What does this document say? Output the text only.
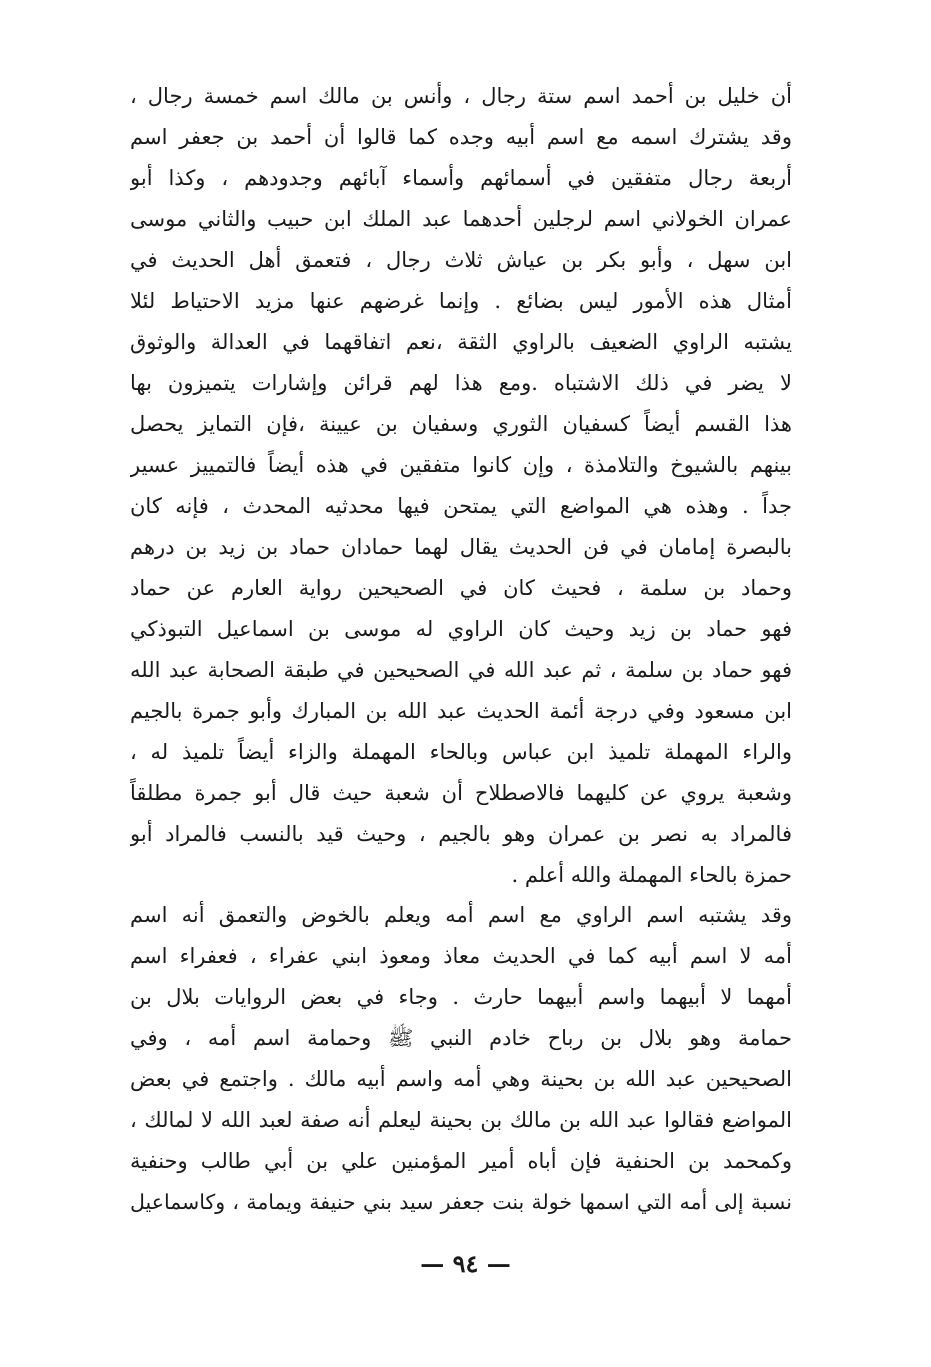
أن خليل بن أحمد اسم ستة رجال ، وأنس بن مالك اسم خمسة رجال ،
وقد يشترك اسمه مع اسم أبيه وجده كما قالوا أن أحمد بن جعفر اسم
أربعة رجال متفقين في أسمائهم وأسماء آبائهم وجدودهم ، وكذا أبو
عمران الخولاني اسم لرجلين أحدهما عبد الملك ابن حبيب والثاني موسى
ابن سهل ، وأبو بكر بن عياش ثلاث رجال ، فتعمق أهل الحديث في
أمثال هذه الأمور ليس بضائع . وإنما غرضهم عنها مزيد الاحتياط لئلا
يشتبه الراوي الضعيف بالراوي الثقة ،نعم اتفاقهما في العدالة والوثوق
لا يضر في ذلك الاشتباه .ومع هذا لهم قرائن وإشارات يتميزون بها
هذا القسم أيضاً كسفيان الثوري وسفيان بن عيينة ،فإن التمايز يحصل
بينهم بالشيوخ والتلامذة ، وإن كانوا متفقين في هذه أيضاً فالتمييز عسير
جداً . وهذه هي المواضع التي يمتحن فيها محدثيه المحدث ، فإنه كان
بالبصرة إمامان في فن الحديث يقال لهما حمادان حماد بن زيد بن درهم
وحماد بن سلمة ، فحيث كان في الصحيحين رواية العارم عن حماد
فهو حماد بن زيد وحيث كان الراوي له موسى بن اسماعيل التبوذكي
فهو حماد بن سلمة ، ثم عبد الله في الصحيحين في طبقة الصحابة عبد الله
ابن مسعود وفي درجة أئمة الحديث عبد الله بن المبارك وأبو جمرة بالجيم
والراء المهملة تلميذ ابن عباس وبالحاء المهملة والزاء أيضاً تلميذ له ،
وشعبة يروي عن كليهما فالاصطلاح أن شعبة حيث قال أبو جمرة مطلقاً
فالمراد به نصر بن عمران وهو بالجيم ، وحيث قيد بالنسب فالمراد أبو
حمزة بالحاء المهملة والله أعلم .
وقد يشتبه اسم الراوي مع اسم أمه ويعلم بالخوض والتعمق أنه اسم
أمه لا اسم أبيه كما في الحديث معاذ ومعوذ ابني عفراء ، فعفراء اسم
أمهما لا أبيهما واسم أبيهما حارث . وجاء في بعض الروايات بلال بن
حمامة وهو بلال بن رباح خادم النبي ﷺ وحمامة اسم أمه ، وفي
الصحيحين عبد الله بن بحينة وهي أمه واسم أبيه مالك . واجتمع في بعض
المواضع فقالوا عبد الله بن مالك بن بحينة ليعلم أنه صفة لعبد الله لا لمالك ،
وكمحمد بن الحنفية فإن أباه أمير المؤمنين علي بن أبي طالب وحنفية
نسبة إلى أمه التي اسمها خولة بنت جعفر سيد بني حنيفة ويمامة ، وكاسماعيل
— ٩٤ —
